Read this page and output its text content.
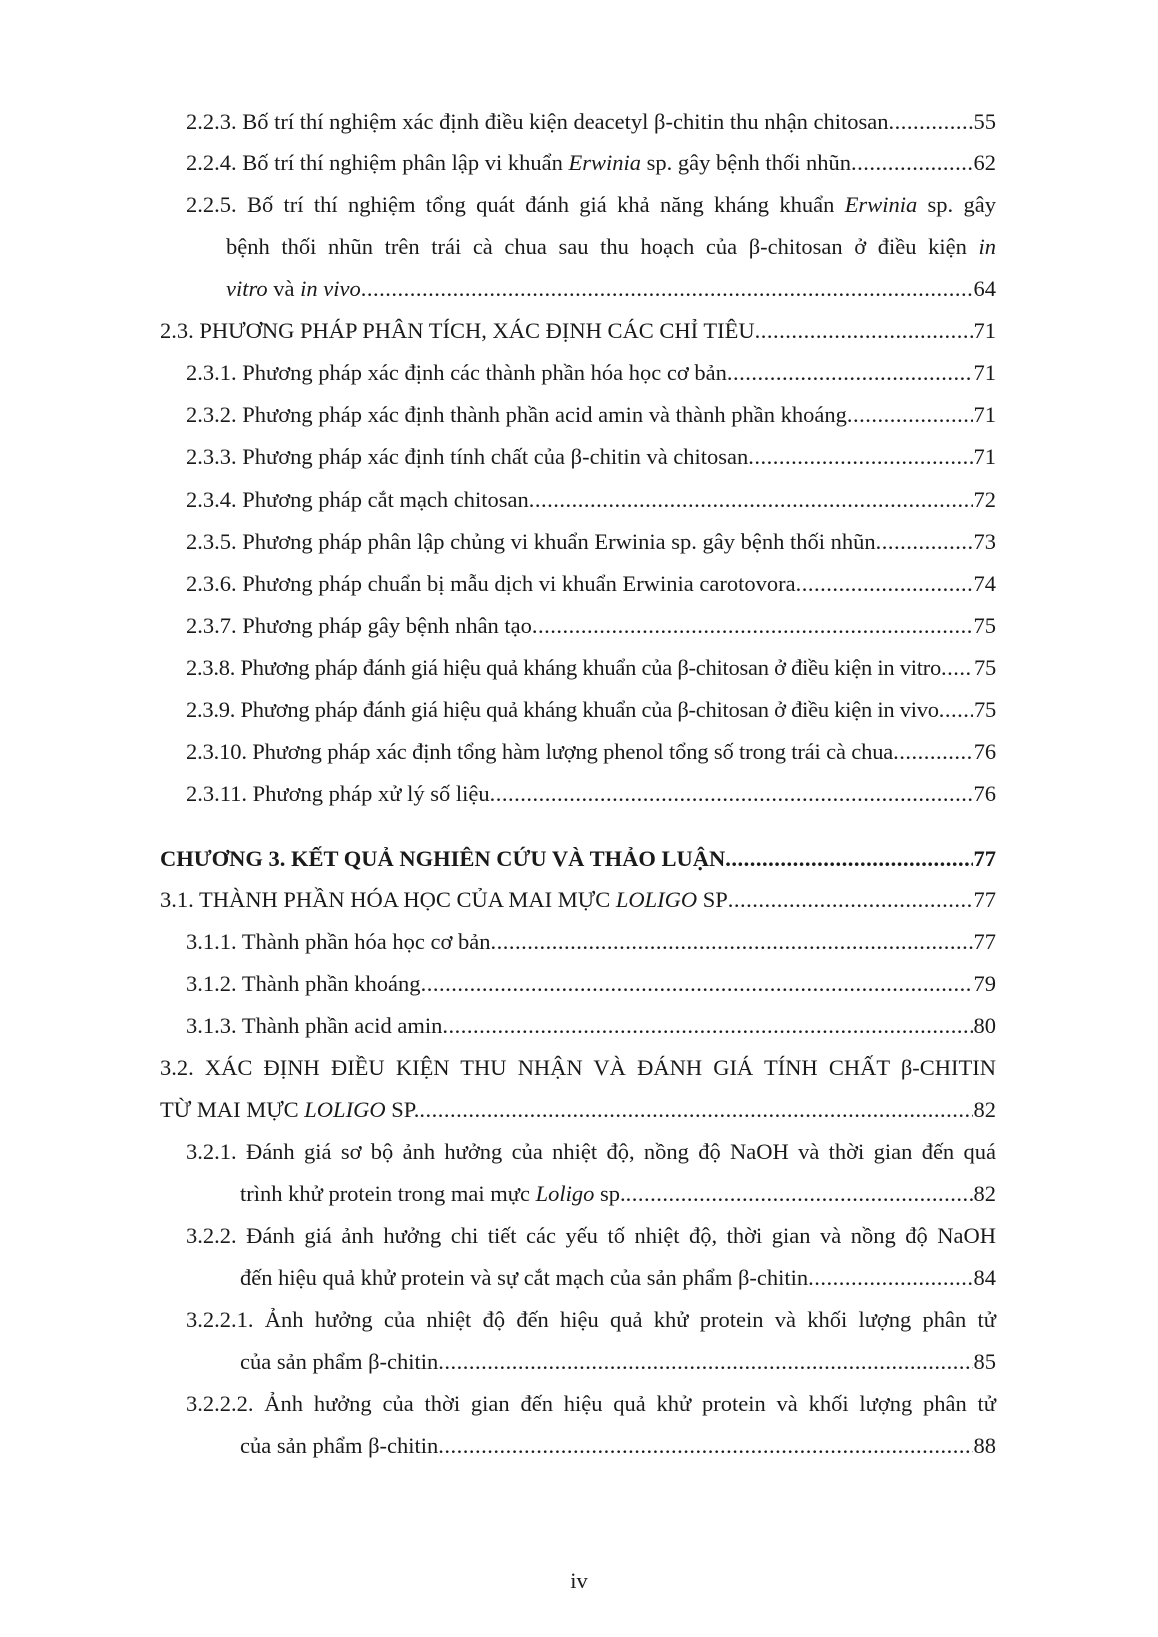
2.2.3. Bố trí thí nghiệm xác định điều kiện deacetyl β-chitin thu nhận chitosan .....	55
2.2.4. Bố trí thí nghiệm phân lập vi khuẩn Erwinia sp. gây bệnh thối nhũn .....	62
2.2.5. Bố trí thí nghiệm tổng quát đánh giá khả năng kháng khuẩn Erwinia sp. gây
bệnh thối nhũn trên trái cà chua sau thu hoạch của β-chitosan ở điều kiện in
vitro và in vivo .....	64
2.3. PHƯƠNG PHÁP PHÂN TÍCH, XÁC ĐỊNH CÁC CHỈ TIÊU .....	71
2.3.1. Phương pháp xác định các thành phần hóa học cơ bản .....	71
2.3.2. Phương pháp xác định thành phần acid amin và thành phần khoáng .....	71
2.3.3. Phương pháp xác định tính chất của β-chitin và chitosan .....	71
2.3.4. Phương pháp cắt mạch chitosan .....	72
2.3.5. Phương pháp phân lập chủng vi khuẩn Erwinia sp. gây bệnh thối nhũn .....	73
2.3.6. Phương pháp chuẩn bị mẫu dịch vi khuẩn Erwinia carotovora .....	74
2.3.7. Phương pháp gây bệnh nhân tạo .....	75
2.3.8. Phương pháp đánh giá hiệu quả kháng khuẩn của β-chitosan ở điều kiện in vitro ..... 75
2.3.9. Phương pháp đánh giá hiệu quả kháng khuẩn của β-chitosan ở điều kiện in vivo ..... 75
2.3.10. Phương pháp xác định tổng hàm lượng phenol tổng số trong trái cà chua .....	76
2.3.11. Phương pháp xử lý số liệu .....	76
CHƯƠNG 3. KẾT QUẢ NGHIÊN CỨU VÀ THẢO LUẬN .....	77
3.1. THÀNH PHẦN HÓA HỌC CỦA MAI MỰC LOLIGO SP .....	77
3.1.1. Thành phần hóa học cơ bản .....	77
3.1.2. Thành phần khoáng .....	79
3.1.3. Thành phần acid amin .....	80
3.2. XÁC ĐỊNH ĐIỀU KIỆN THU NHẬN VÀ ĐÁNH GIÁ TÍNH CHẤT β-CHITIN
TỪ MAI MỰC LOLIGO SP. .....	82
3.2.1. Đánh giá sơ bộ ảnh hưởng của nhiệt độ, nồng độ NaOH và thời gian đến quá
trình khử protein trong mai mực Loligo sp. .....	82
3.2.2. Đánh giá ảnh hưởng chi tiết các yếu tố nhiệt độ, thời gian và nồng độ NaOH
đến hiệu quả khử protein và sự cắt mạch của sản phẩm β-chitin .....	84
3.2.2.1. Ảnh hưởng của nhiệt độ đến hiệu quả khử protein và khối lượng phân tử
của sản phẩm β-chitin .....	85
3.2.2.2. Ảnh hưởng của thời gian đến hiệu quả khử protein và khối lượng phân tử
của sản phẩm β-chitin .....	88
iv
